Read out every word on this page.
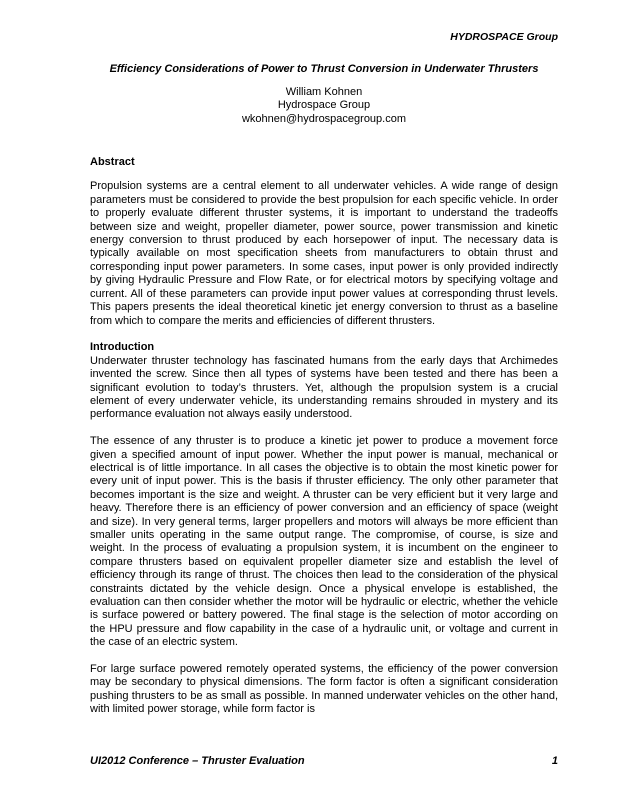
HYDROSPACE Group
Efficiency Considerations of Power to Thrust Conversion in Underwater Thrusters
William Kohnen
Hydrospace Group
wkohnen@hydrospacegroup.com
Abstract

Propulsion systems are a central element to all underwater vehicles. A wide range of design parameters must be considered to provide the best propulsion for each specific vehicle. In order to properly evaluate different thruster systems, it is important to understand the tradeoffs between size and weight, propeller diameter, power source, power transmission and kinetic energy conversion to thrust produced by each horsepower of input. The necessary data is typically available on most specification sheets from manufacturers to obtain thrust and corresponding input power parameters. In some cases, input power is only provided indirectly by giving Hydraulic Pressure and Flow Rate, or for electrical motors by specifying voltage and current. All of these parameters can provide input power values at corresponding thrust levels. This papers presents the ideal theoretical kinetic jet energy conversion to thrust as a baseline from which to compare the merits and efficiencies of different thrusters.

Introduction

Underwater thruster technology has fascinated humans from the early days that Archimedes invented the screw. Since then all types of systems have been tested and there has been a significant evolution to today’s thrusters. Yet, although the propulsion system is a crucial element of every underwater vehicle, its understanding remains shrouded in mystery and its performance evaluation not always easily understood.

The essence of any thruster is to produce a kinetic jet power to produce a movement force given a specified amount of input power. Whether the input power is manual, mechanical or electrical is of little importance. In all cases the objective is to obtain the most kinetic power for every unit of input power. This is the basis if thruster efficiency. The only other parameter that becomes important is the size and weight. A thruster can be very efficient but it very large and heavy. Therefore there is an efficiency of power conversion and an efficiency of space (weight and size). In very general terms, larger propellers and motors will always be more efficient than smaller units operating in the same output range. The compromise, of course, is size and weight. In the process of evaluating a propulsion system, it is incumbent on the engineer to compare thrusters based on equivalent propeller diameter size and establish the level of efficiency through its range of thrust. The choices then lead to the consideration of the physical constraints dictated by the vehicle design. Once a physical envelope is established, the evaluation can then consider whether the motor will be hydraulic or electric, whether the vehicle is surface powered or battery powered. The final stage is the selection of motor according on the HPU pressure and flow capability in the case of a hydraulic unit, or voltage and current in the case of an electric system.

For large surface powered remotely operated systems, the efficiency of the power conversion may be secondary to physical dimensions. The form factor is often a significant consideration pushing thrusters to be as small as possible. In manned underwater vehicles on the other hand, with limited power storage, while form factor is

UI2012 Conference – Thruster Evaluation	1
